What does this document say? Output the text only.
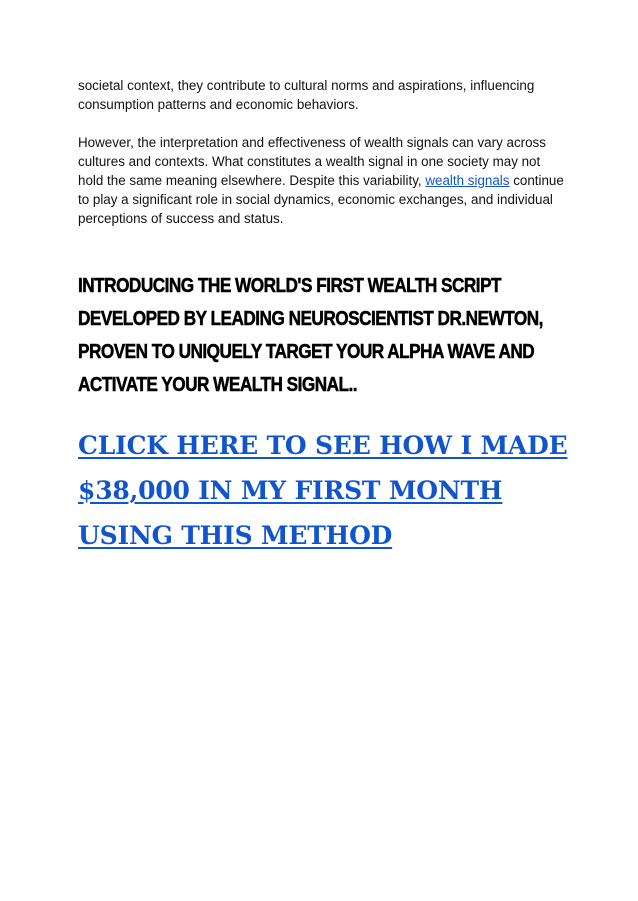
societal context, they contribute to cultural norms and aspirations, influencing consumption patterns and economic behaviors.

However, the interpretation and effectiveness of wealth signals can vary across cultures and contexts. What constitutes a wealth signal in one society may not hold the same meaning elsewhere. Despite this variability, wealth signals continue to play a significant role in social dynamics, economic exchanges, and individual perceptions of success and status.

INTRODUCING THE WORLD'S FIRST WEALTH SCRIPT DEVELOPED BY LEADING NEUROSCIENTIST DR.NEWTON, PROVEN TO UNIQUELY TARGET YOUR ALPHA WAVE AND ACTIVATE YOUR WEALTH SIGNAL..
CLICK HERE TO SEE HOW I MADE $38,000 IN MY FIRST MONTH USING THIS METHOD
